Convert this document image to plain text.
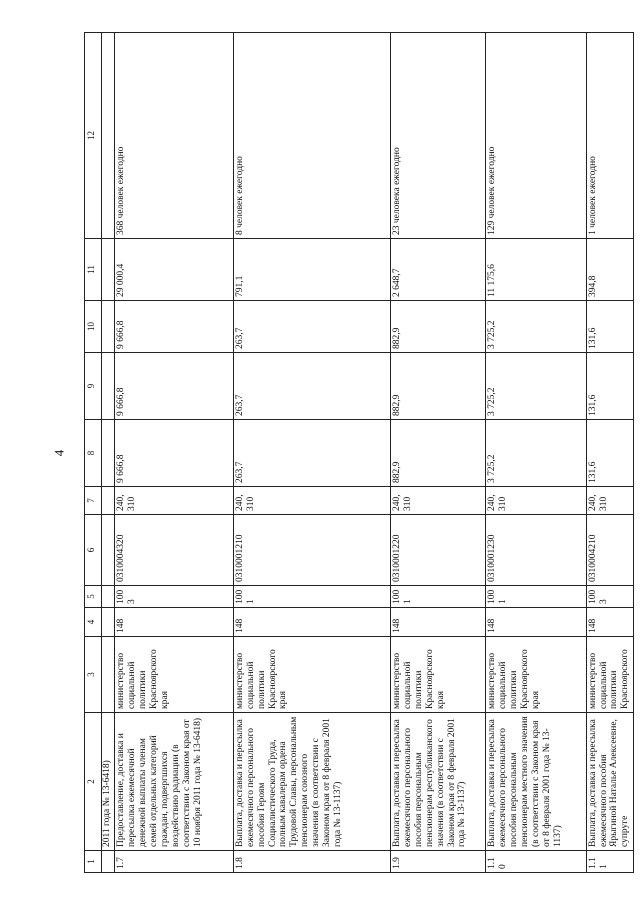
4
1	2	3	4	5	6	7	8	9	10	11	12
	2011 года № 13-6418)										
1.7	Предоставление, доставка и пересылка ежемесячной денежной выплаты членам семей отдельных категорий граждан, подвергшихся воздействию радиации (в соответствии с Законом края от 10 ноября 2011 года № 13-6418)	министерство социальной политики Красноярского края	148	1003	0310004320	240, 310	9 666,8	9 666,8	9 666,8	29 000,4	368 человек ежегодно
1.8	Выплата, доставка и пересылка ежемесячного персонального пособия Героям Социалистического Труда, полным кавалерам ордена Трудовой Славы, персональным пенсионерам союзного значения (в соответствии с Законом края от 8 февраля 2001 года № 13-1137)	министерство социальной политики Красноярского края	148	1001	0310001210	240, 310	263,7	263,7	263,7	791,1	8 человек ежегодно
1.9	Выплата, доставка и пересылка ежемесячного персонального пособия персональным пенсионерам республиканского значения (в соответствии с Законом края от 8 февраля 2001 года № 13-1137)	министерство социальной политики Красноярского края	148	1001	0310001220	240, 310	882,9	882,9	882,9	2 648,7	23 человека ежегодно
1.10	Выплата, доставка и пересылка ежемесячного персонального пособия персональным пенсионерам местного значения (в соответствии с Законом края от 8 февраля 2001 года № 13-1137)	министерство социальной политики Красноярского края	148	1001	0310001230	240, 310	3 725,2	3 725,2	3 725,2	11 175,6	129 человек ежегодно
1.11	Выплата, доставка и пересылка ежемесячного пособия Ярыгиной Наталье Алексеевне, супруге	министерство социальной политики Красноярского	148	1003	0310004210	240, 310	131,6	131,6	131,6	394,8	1 человек ежегодно
